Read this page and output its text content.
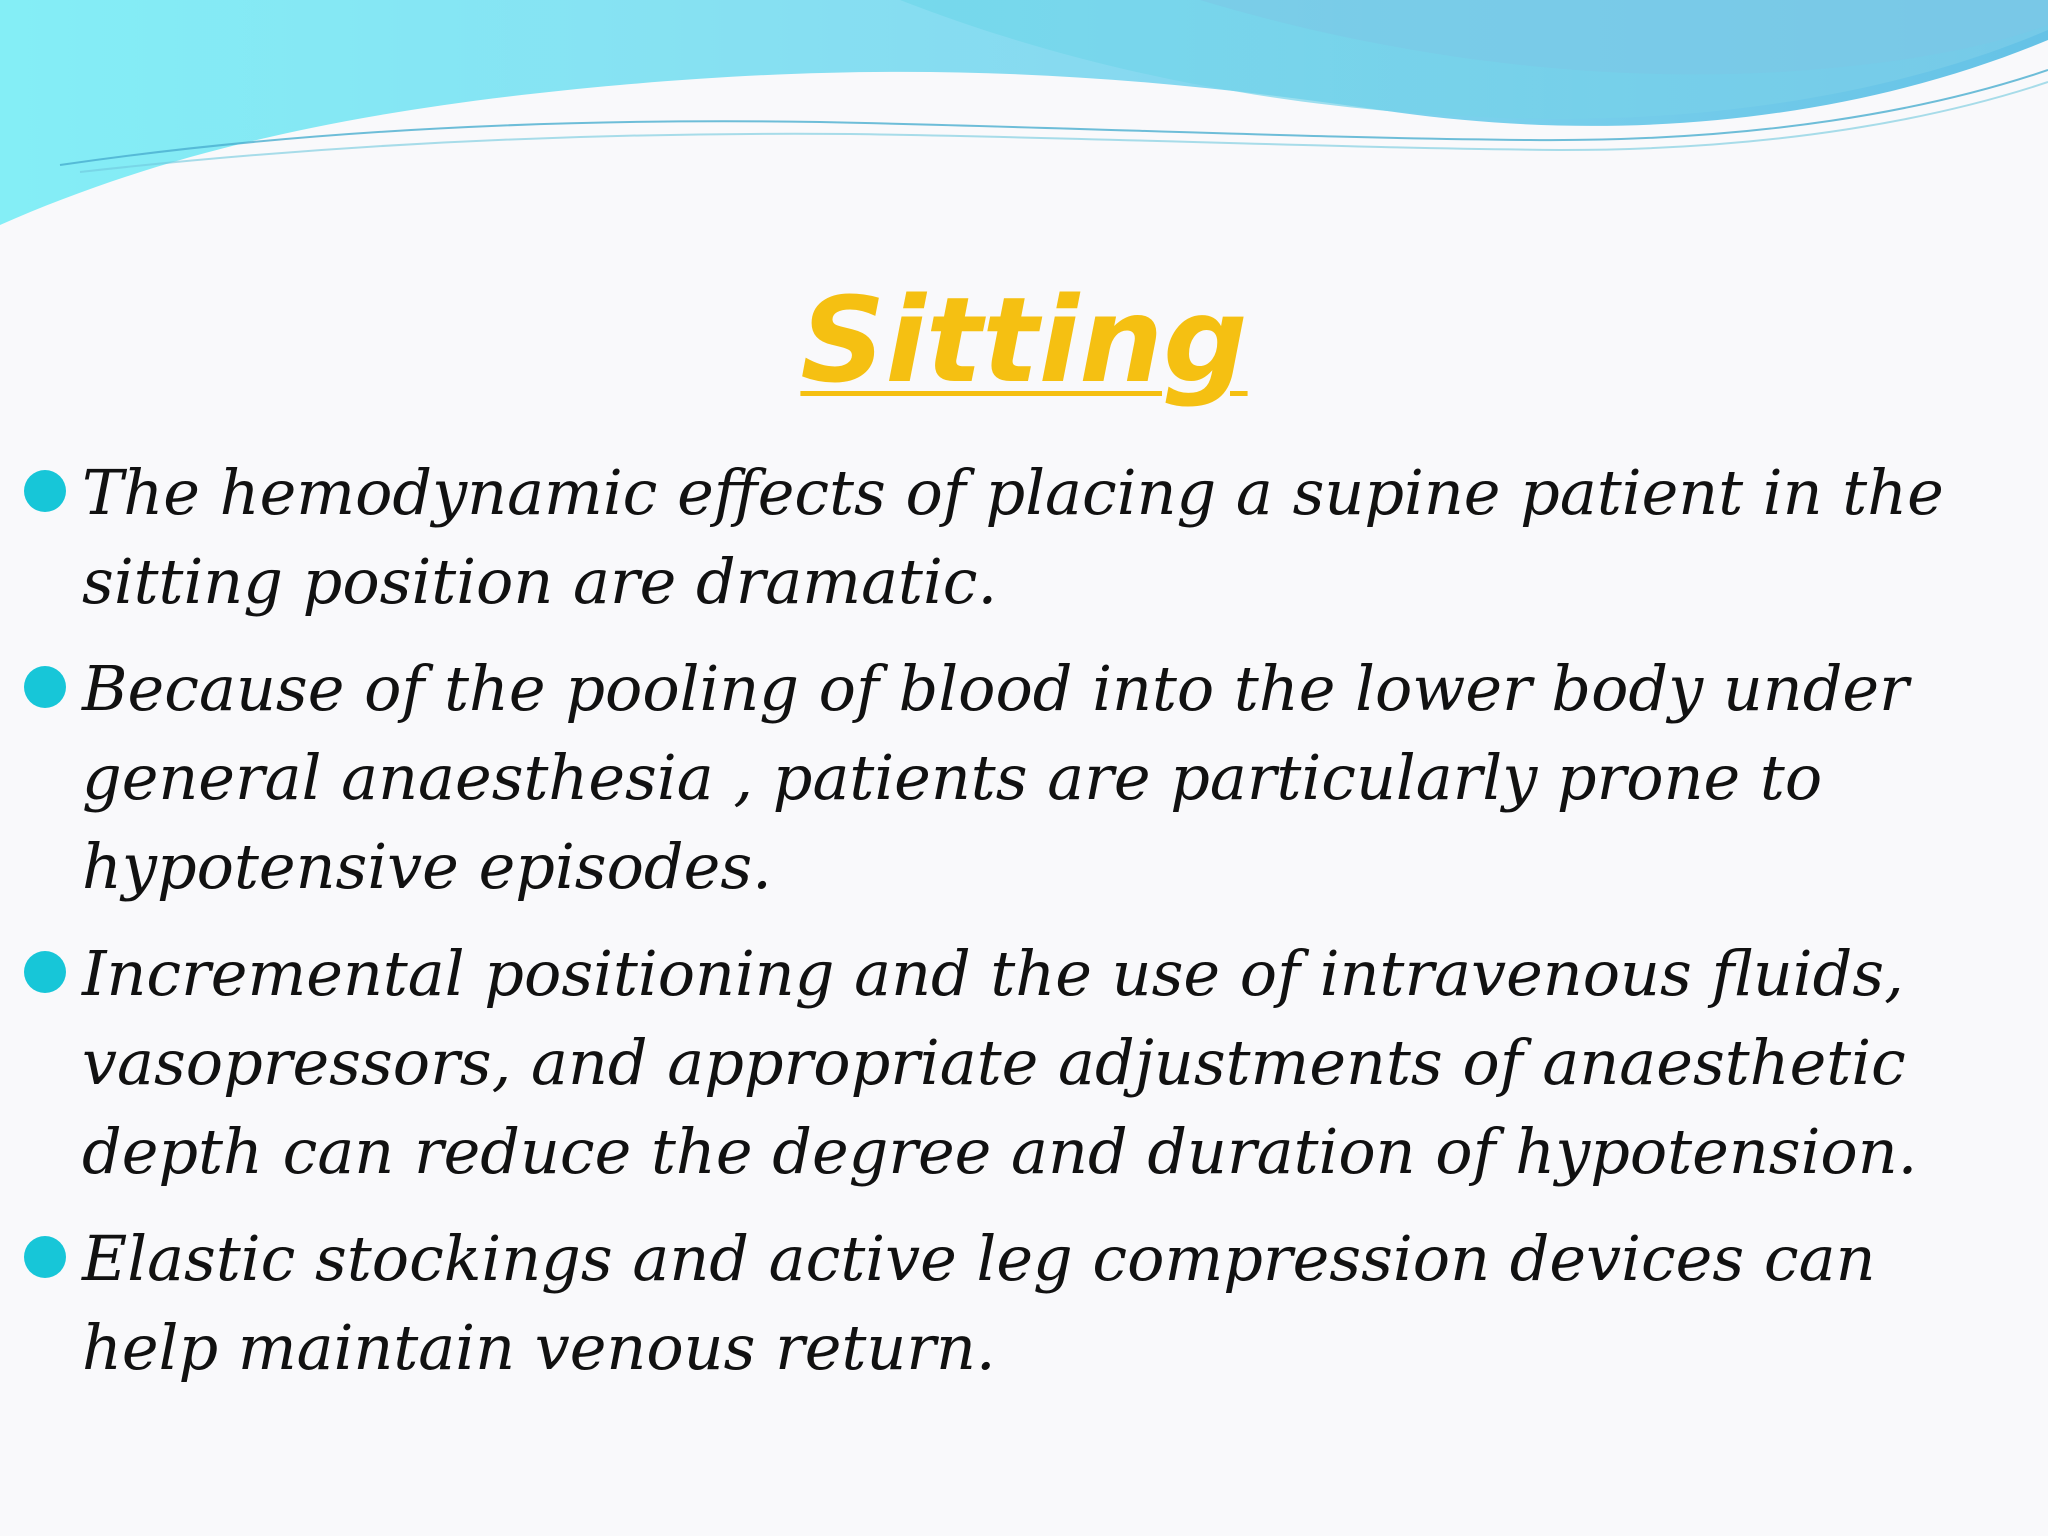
Sitting
The hemodynamic effects of placing a supine patient in the sitting position are dramatic.
Because of the pooling of blood into the lower body under general anaesthesia , patients are particularly prone to hypotensive episodes.
Incremental positioning and the use of intravenous fluids, vasopressors, and appropriate adjustments of anaesthetic depth can reduce the degree and duration of hypotension.
Elastic stockings and active leg compression devices can help maintain venous return.
